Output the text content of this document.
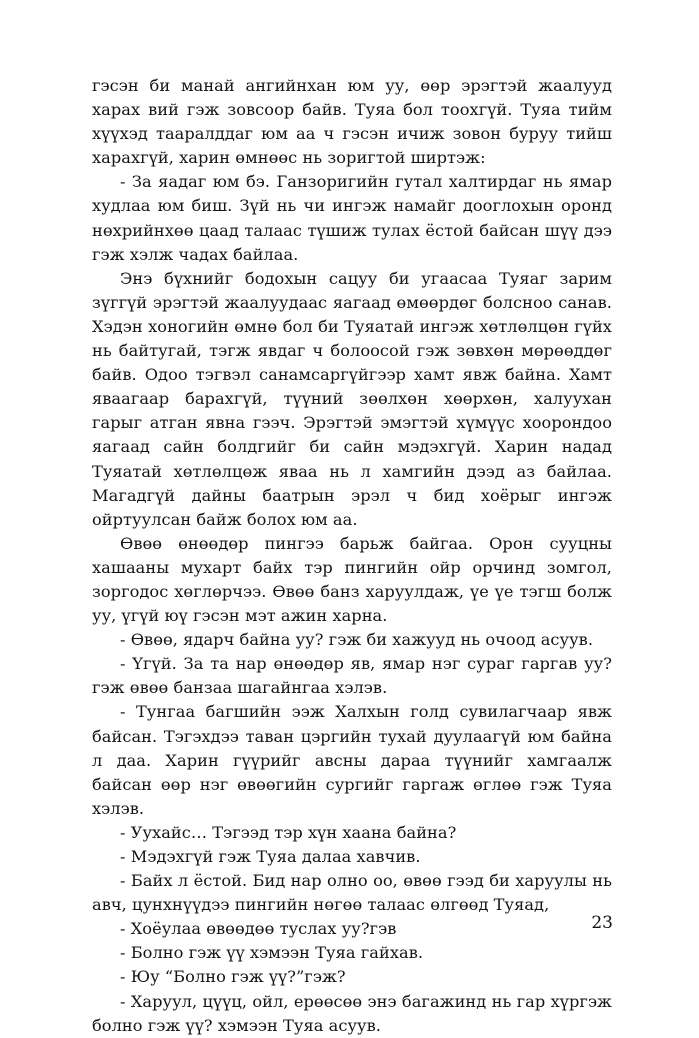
гэсэн би манай ангийнхан юм уу, өөр эрэгтэй жаалууд харах вий гэж зовсоор байв. Туяа бол тоохгүй. Туяа тийм хүүхэд тааралддаг юм аа ч гэсэн ичиж зовон буруу тийш харахгүй, харин өмнөөс нь зоригтой ширтэж:

- За яадаг юм бэ. Ганзоригийн гутал халтирдаг нь ямар худлаа юм биш. Зүй нь чи ингэж намайг дооглохын оронд нөхрийнхөө цаад талаас түшиж тулах ёстой байсан шүү дээ гэж хэлж чадах байлаа.

Энэ бүхнийг бодохын сацуу би угаасаа Туяаг зарим зүггүй эрэгтэй жаалуудаас яагаад өмөөрдөг болсноо санав. Хэдэн хоногийн өмнө бол би Туяатай ингэж хөтлөлцөн гүйх нь байтугай, тэгж явдаг ч болоосой гэж зөвхөн мөрөөддөг байв. Одоо тэгвэл санамсаргүйгээр хамт явж байна. Хамт яваагаар барахгүй, түүний зөөлхөн хөөрхөн, халуухан гарыг атган явна гээч. Эрэгтэй эмэгтэй хүмүүс хоорондоо яагаад сайн болдгийг би сайн мэдэхгүй. Харин надад Туяатай хөтлөлцөж явaa нь л хамгийн дээд аз байлаа. Магадгүй дайны баатрын эрэл ч бид хоёрыг ингэж ойртуулсан байж болох юм аа.

Өвөө өнөөдөр пингээ барьж байгаа. Орон сууцны хашааны мухарт байх тэр пингийн ойр орчинд зомгол, зоргодос хөглөрчээ. Өвөө банз харуулдаж, үе үе тэгш болж уу, үгүй юү гэсэн мэт ажин харна.

- Өвөө, ядарч байна уу? гэж би хажууд нь очоод асуув.

- Үгүй. За та нар өнөөдөр яв, ямар нэг сураг гаргав уу? гэж өвөө банзаа шагайнгаа хэлэв.

- Тунгаа багшийн ээж Халхын голд сувилагчаар явж байсан. Тэгэхдээ таван цэргийн тухай дуулаагүй юм байна л даа. Харин гүүрийг авсны дараа түүнийг хамгаалж байсан өөр нэг өвөөгийн сургийг гаргаж өглөө гэж Туяа хэлэв.

- Уухайс… Тэгээд тэр хүн хаана байна?

- Мэдэхгүй гэж Туяа далаа хавчив.

- Байх л ёстой. Бид нар олно оо, өвөө гээд би харуулы нь авч, цунхнүүдээ пингийн нөгөө талаас өлгөөд Туяад,

- Хоёулаа өвөөдөө туслах уу?гэв

- Болно гэж үү хэмээн Туяа гайхав.

- Юу “Болно гэж үү?”гэж?

- Харуул, цүүц, ойл, ерөөсөө энэ багажинд нь гар хүргэж болно гэж үү? хэмээн Туяа асуув.

23
